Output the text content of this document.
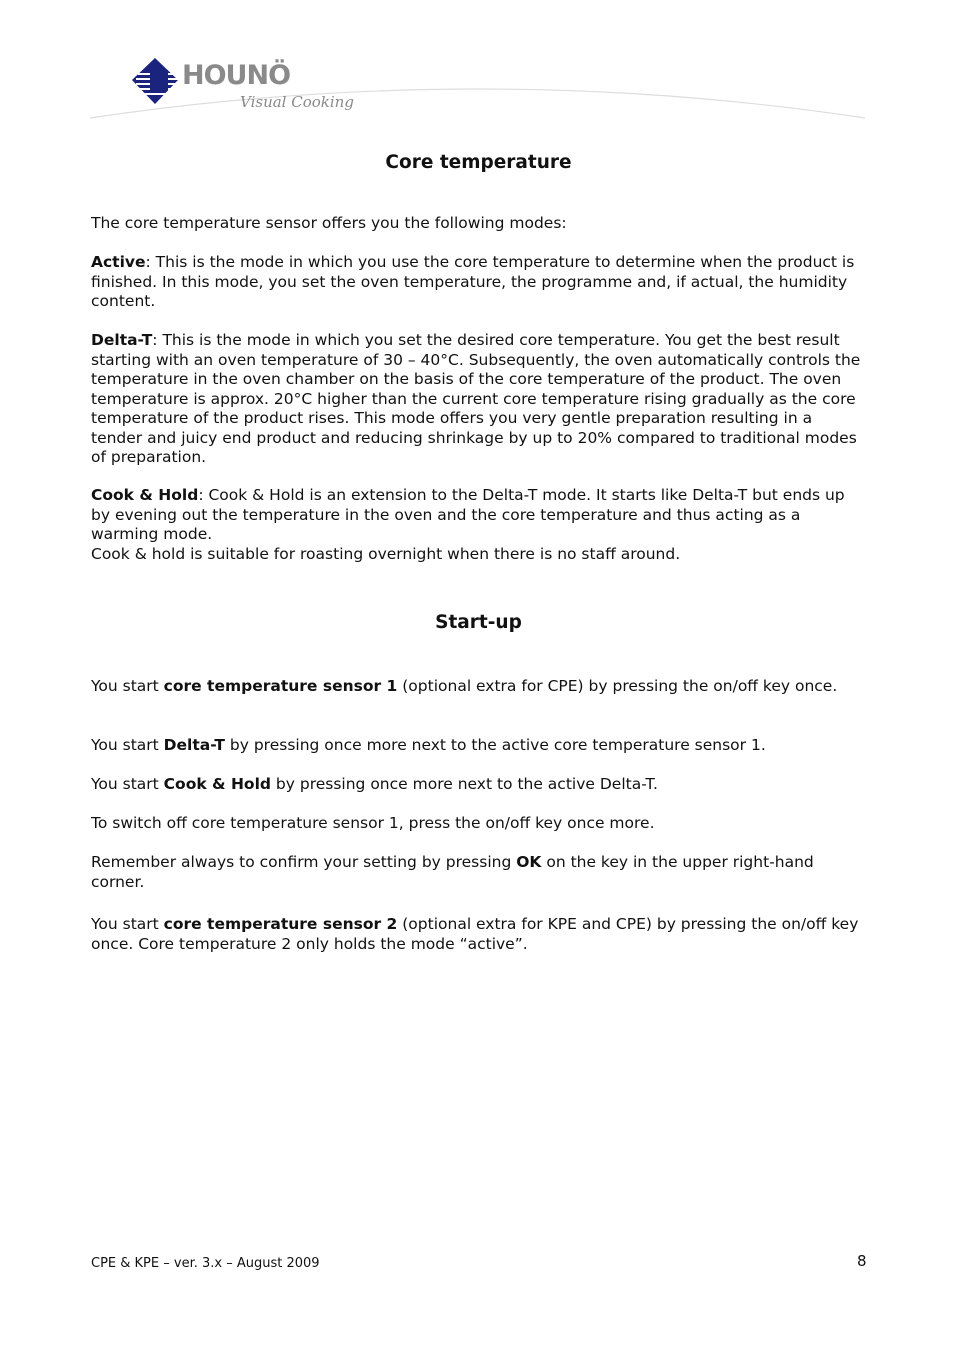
HOUNÖ
Visual Cooking
Core temperature

The core temperature sensor offers you the following modes:

Active: This is the mode in which you use the core temperature to determine when the product is finished. In this mode, you set the oven temperature, the programme and, if actual, the humidity content.

Delta-T: This is the mode in which you set the desired core temperature. You get the best result starting with an oven temperature of 30 – 40°C. Subsequently, the oven automatically controls the temperature in the oven chamber on the basis of the core temperature of the product. The oven temperature is approx. 20°C higher than the current core temperature rising gradually as the core temperature of the product rises. This mode offers you very gentle preparation resulting in a tender and juicy end product and reducing shrinkage by up to 20% compared to traditional modes of preparation.

Cook & Hold: Cook & Hold is an extension to the Delta-T mode. It starts like Delta-T but ends up by evening out the temperature in the oven and the core temperature and thus acting as a warming mode.

Cook & hold is suitable for roasting overnight when there is no staff around.

Start-up

You start core temperature sensor 1 (optional extra for CPE) by pressing the on/off key once.

You start Delta-T by pressing once more next to the active core temperature sensor 1.

You start Cook & Hold by pressing once more next to the active Delta-T.

To switch off core temperature sensor 1, press the on/off key once more.

Remember always to confirm your setting by pressing OK on the key in the upper right-hand corner.

You start core temperature sensor 2 (optional extra for KPE and CPE) by pressing the on/off key once. Core temperature 2 only holds the mode “active”.

CPE & KPE – ver. 3.x – August 2009	8
